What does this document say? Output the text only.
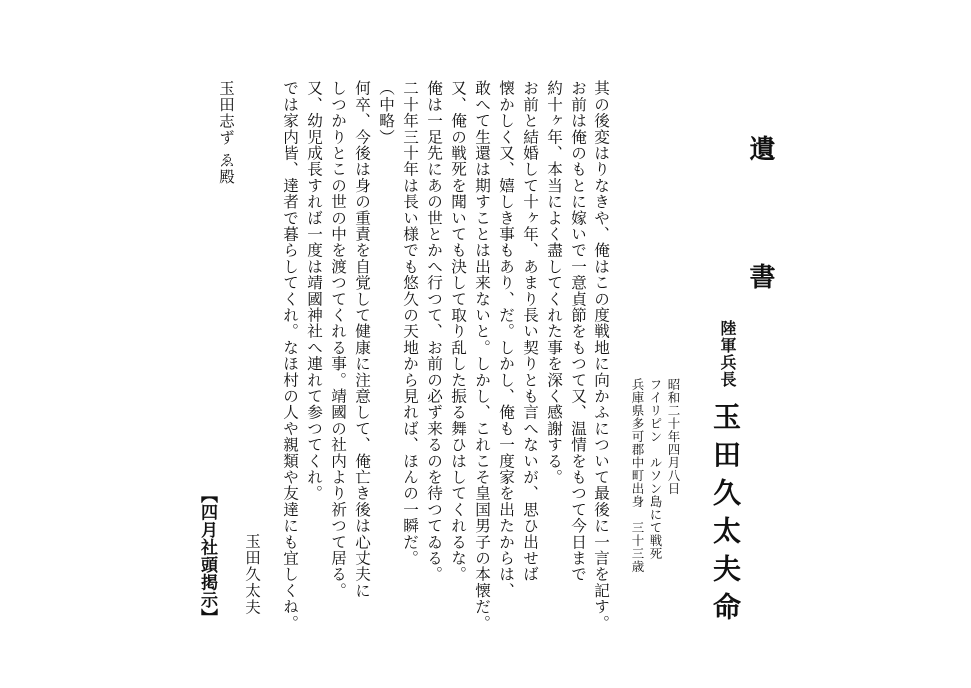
遺　書
陸軍兵長
玉田久太夫命
昭和二十年四月八日
フイリピン　ルソン島にて戦死
兵庫県多可郡中町出身　三十三歳
其の後変はりなきや、俺はこの度戦地に向かふについて最後に一言を記す。
お前は俺のもとに嫁いで一意貞節をもつて又、温情をもつて今日まで
約十ヶ年、本当によく盡してくれた事を深く感謝する。
お前と結婚して十ヶ年、あまり長い契りとも言へないが、思ひ出せば
懐かしく又、嬉しき事もあり、だ。しかし、俺も一度家を出たからは、
敢へて生還は期すことは出来ないと。しかし、これこそ皇国男子の本懐だ。
又、俺の戦死を聞いても決して取り乱した振る舞ひはしてくれるな。
俺は一足先にあの世とかへ行つて、お前の必ず来るのを待つてゐる。
二十年三十年は長い様でも悠久の天地から見れば、ほんの一瞬だ。
（中略）
何卒、今後は身の重責を自覚して健康に注意して、俺亡き後は心丈夫に
しつかりとこの世の中を渡つてくれる事。靖國の社内より祈つて居る。
又、幼児成長すれば一度は靖國神社へ連れて参つてくれ。
では家内皆、達者で暮らしてくれ。なほ村の人や親類や友達にも宜しくね。
玉田久太夫
玉田志ず ゑ殿
【四月社頭掲示】
